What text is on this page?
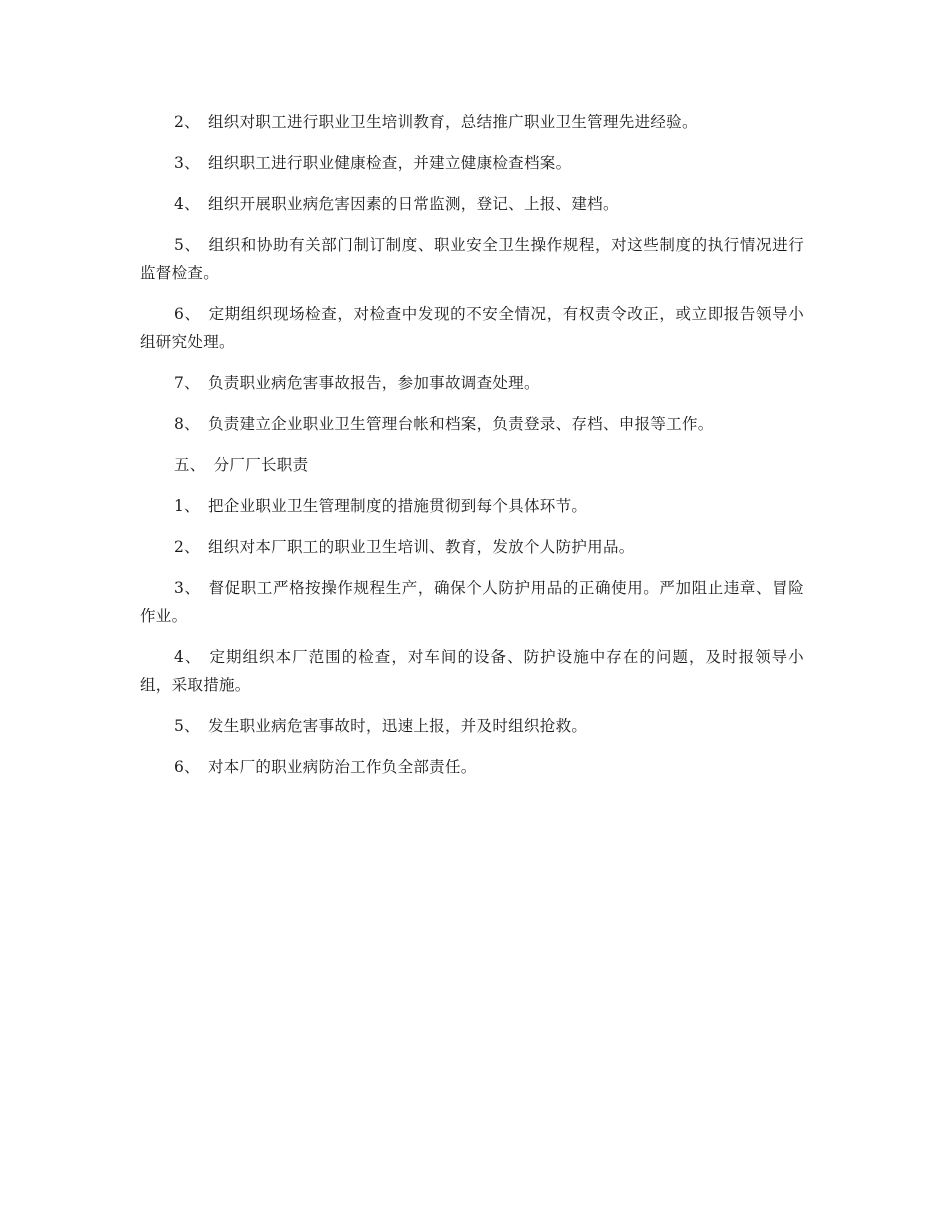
2、 组织对职工进行职业卫生培训教育，总结推广职业卫生管理先进经验。

3、 组织职工进行职业健康检查，并建立健康检查档案。

4、 组织开展职业病危害因素的日常监测，登记、上报、建档。

5、 组织和协助有关部门制订制度、职业安全卫生操作规程，对这些制度的执行情况进行监督检查。

6、 定期组织现场检查，对检查中发现的不安全情况，有权责令改正，或立即报告领导小组研究处理。

7、 负责职业病危害事故报告，参加事故调查处理。

8、 负责建立企业职业卫生管理台帐和档案，负责登录、存档、申报等工作。

五、 分厂厂长职责

1、 把企业职业卫生管理制度的措施贯彻到每个具体环节。

2、 组织对本厂职工的职业卫生培训、教育，发放个人防护用品。

3、 督促职工严格按操作规程生产，确保个人防护用品的正确使用。严加阻止违章、冒险作业。

4、 定期组织本厂范围的检查，对车间的设备、防护设施中存在的问题，及时报领导小组，采取措施。

5、 发生职业病危害事故时，迅速上报，并及时组织抢救。

6、 对本厂的职业病防治工作负全部责任。
